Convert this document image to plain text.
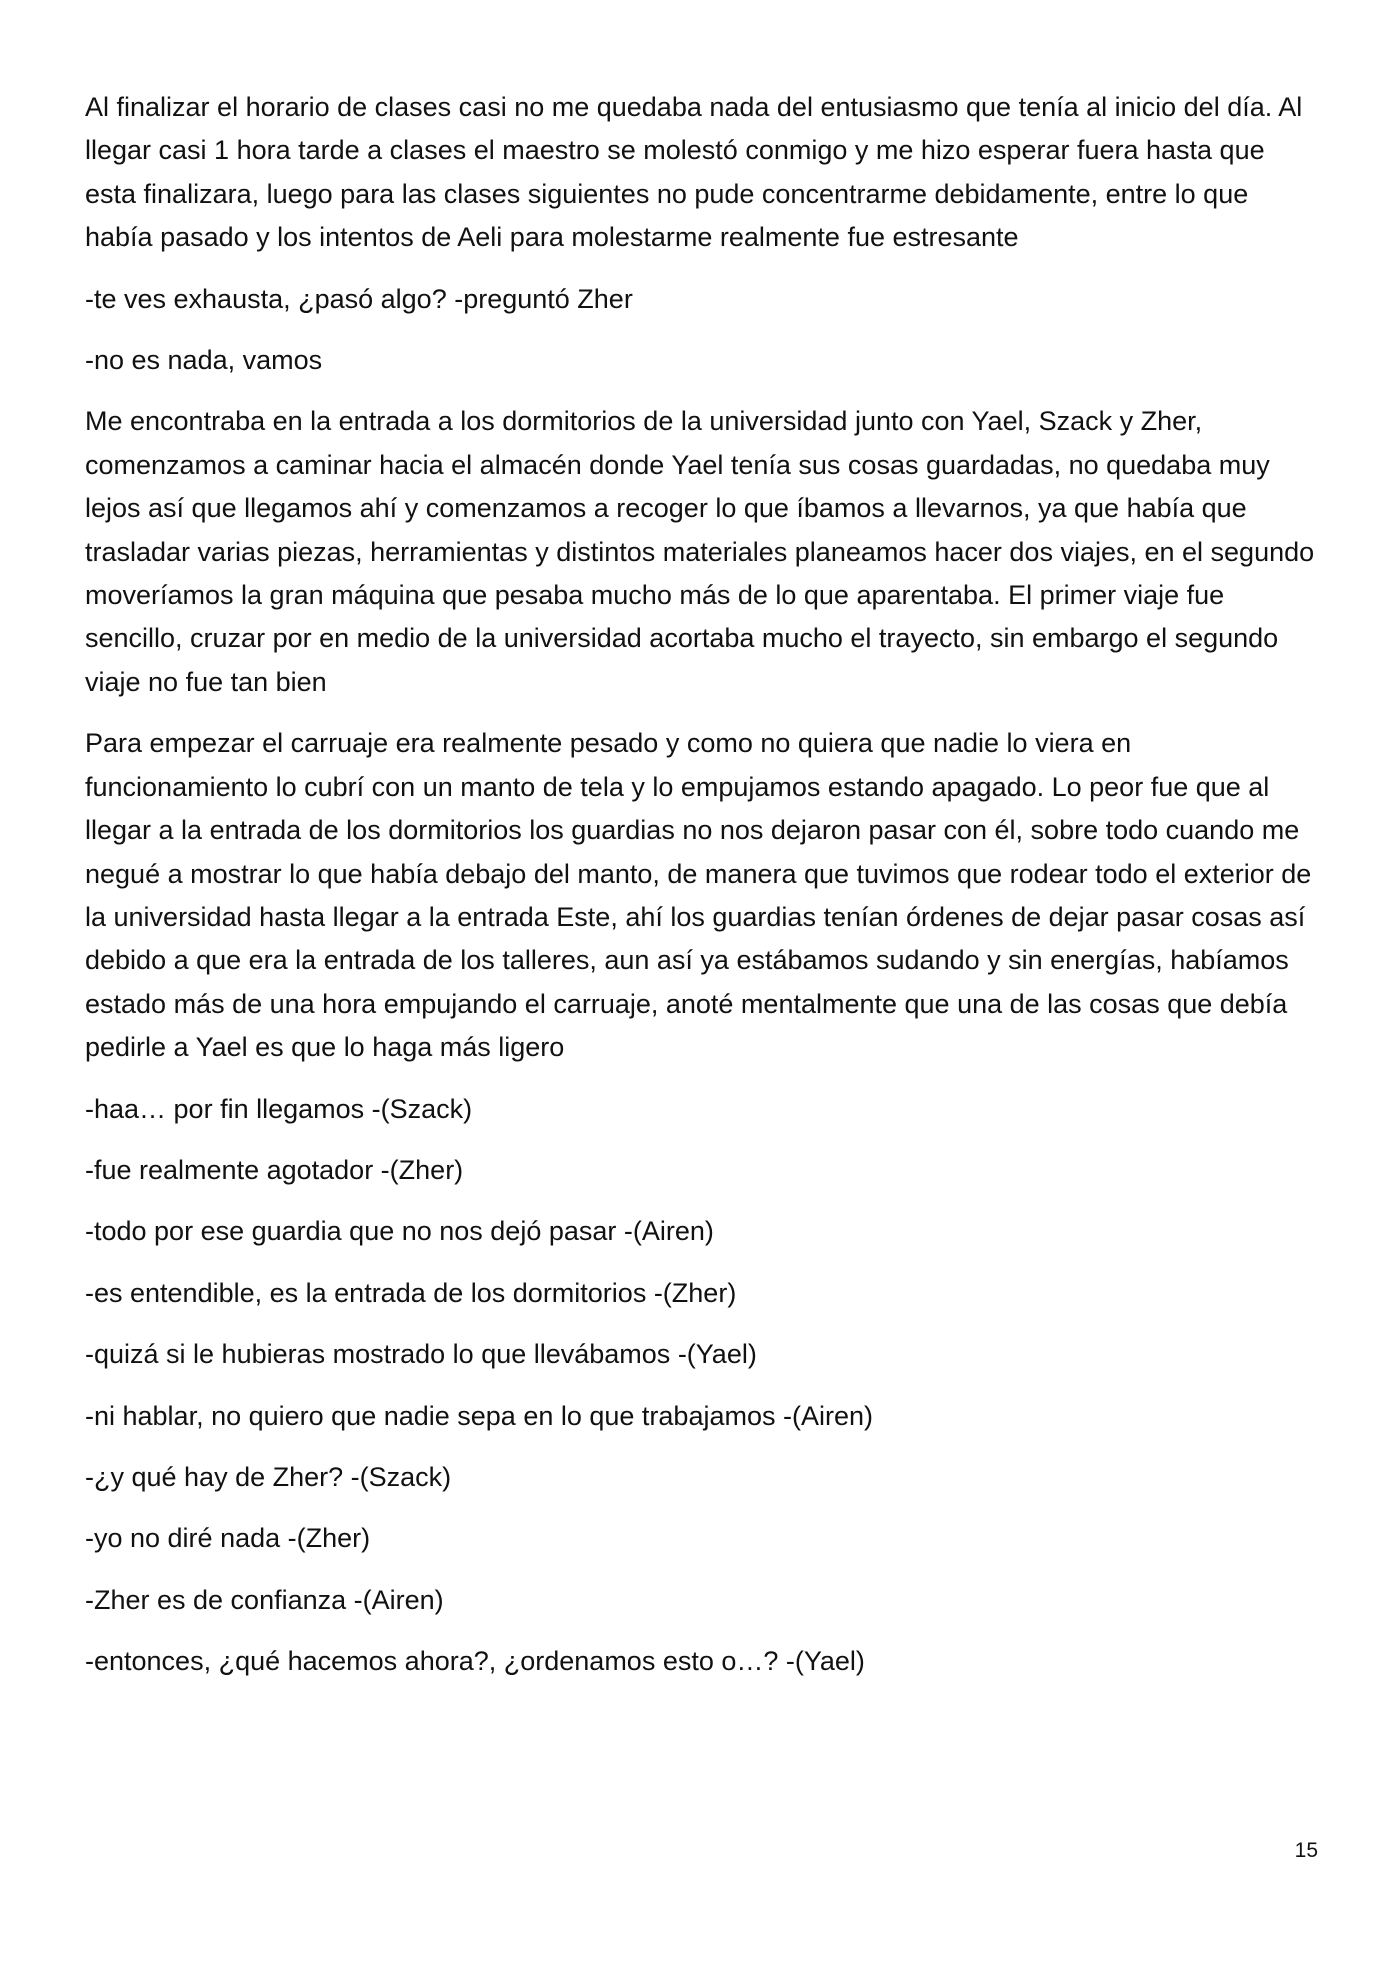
Al finalizar el horario de clases casi no me quedaba nada del entusiasmo que tenía al inicio del día. Al llegar casi 1 hora tarde a clases el maestro se molestó conmigo y me hizo esperar fuera hasta que esta finalizara, luego para las clases siguientes no pude concentrarme debidamente, entre lo que había pasado y los intentos de Aeli para molestarme realmente fue estresante

-te ves exhausta, ¿pasó algo? -preguntó Zher

-no es nada, vamos

Me encontraba en la entrada a los dormitorios de la universidad junto con Yael, Szack y Zher, comenzamos a caminar hacia el almacén donde Yael tenía sus cosas guardadas, no quedaba muy lejos así que llegamos ahí y comenzamos a recoger lo que íbamos a llevarnos, ya que había que trasladar varias piezas, herramientas y distintos materiales planeamos hacer dos viajes, en el segundo moveríamos la gran máquina que pesaba mucho más de lo que aparentaba. El primer viaje fue sencillo, cruzar por en medio de la universidad acortaba mucho el trayecto, sin embargo el segundo viaje no fue tan bien

Para empezar el carruaje era realmente pesado y como no quiera que nadie lo viera en funcionamiento lo cubrí con un manto de tela y lo empujamos estando apagado. Lo peor fue que al llegar a la entrada de los dormitorios los guardias no nos dejaron pasar con él, sobre todo cuando me negué a mostrar lo que había debajo del manto, de manera que tuvimos que rodear todo el exterior de la universidad hasta llegar a la entrada Este, ahí los guardias tenían órdenes de dejar pasar cosas así debido a que era la entrada de los talleres, aun así ya estábamos sudando y sin energías, habíamos estado más de una hora empujando el carruaje, anoté mentalmente que una de las cosas que debía pedirle a Yael es que lo haga más ligero

-haa… por fin llegamos -(Szack)

-fue realmente agotador -(Zher)

-todo por ese guardia que no nos dejó pasar -(Airen)

-es entendible, es la entrada de los dormitorios -(Zher)

-quizá si le hubieras mostrado lo que llevábamos -(Yael)

-ni hablar, no quiero que nadie sepa en lo que trabajamos -(Airen)

-¿y qué hay de Zher? -(Szack)

-yo no diré nada -(Zher)

-Zher es de confianza -(Airen)

-entonces, ¿qué hacemos ahora?, ¿ordenamos esto o…? -(Yael)

15
